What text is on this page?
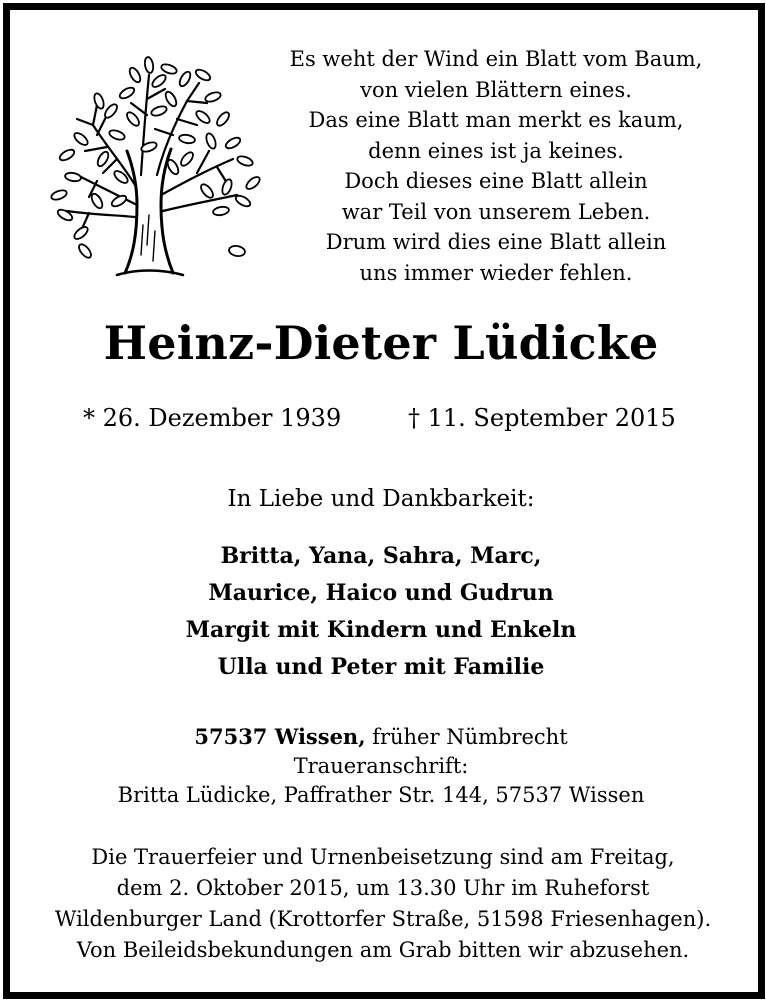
Es weht der Wind ein Blatt vom Baum,
von vielen Blättern eines.
Das eine Blatt man merkt es kaum,
denn eines ist ja keines.
Doch dieses eine Blatt allein
war Teil von unserem Leben.
Drum wird dies eine Blatt allein
uns immer wieder fehlen.
Heinz-Dieter Lüdicke
* 26. Dezember 1939	† 11. September 2015
In Liebe und Dankbarkeit:
Britta, Yana, Sahra, Marc,
Maurice, Haico und Gudrun
Margit mit Kindern und Enkeln
Ulla und Peter mit Familie
57537 Wissen, früher Nümbrecht
Traueranschrift:
Britta Lüdicke, Paffrather Str. 144, 57537 Wissen
Die Trauerfeier und Urnenbeisetzung sind am Freitag,
dem 2. Oktober 2015, um 13.30 Uhr im Ruheforst
Wildenburger Land (Krottorfer Straße, 51598 Friesenhagen).
Von Beileidsbekundungen am Grab bitten wir abzusehen.
